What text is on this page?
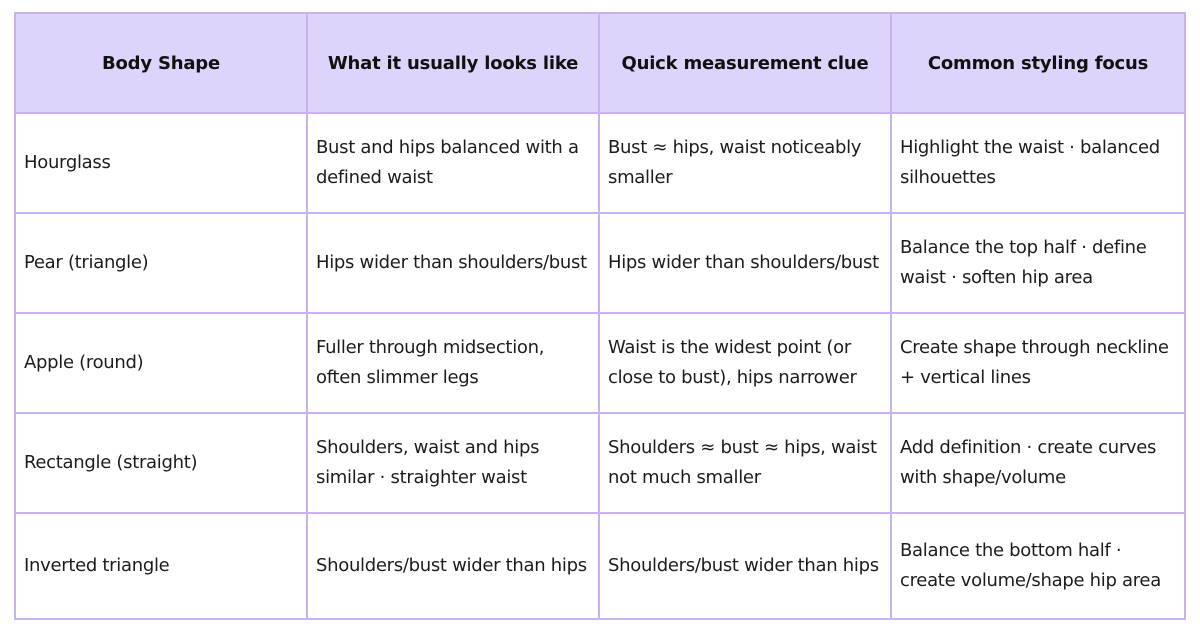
Body Shape	What it usually looks like	Quick measurement clue	Common styling focus
Hourglass	Bust and hips balanced with a defined waist	Bust ≈ hips, waist noticeably smaller	Highlight the waist · balanced silhouettes
Pear (triangle)	Hips wider than shoulders/bust	Hips wider than shoulders/bust	Balance the top half · define waist · soften hip area
Apple (round)	Fuller through midsection, often slimmer legs	Waist is the widest point (or close to bust), hips narrower	Create shape through neckline + vertical lines
Rectangle (straight)	Shoulders, waist and hips similar · straighter waist	Shoulders ≈ bust ≈ hips, waist not much smaller	Add definition · create curves with shape/volume
Inverted triangle	Shoulders/bust wider than hips	Shoulders/bust wider than hips	Balance the bottom half · create volume/shape hip area
